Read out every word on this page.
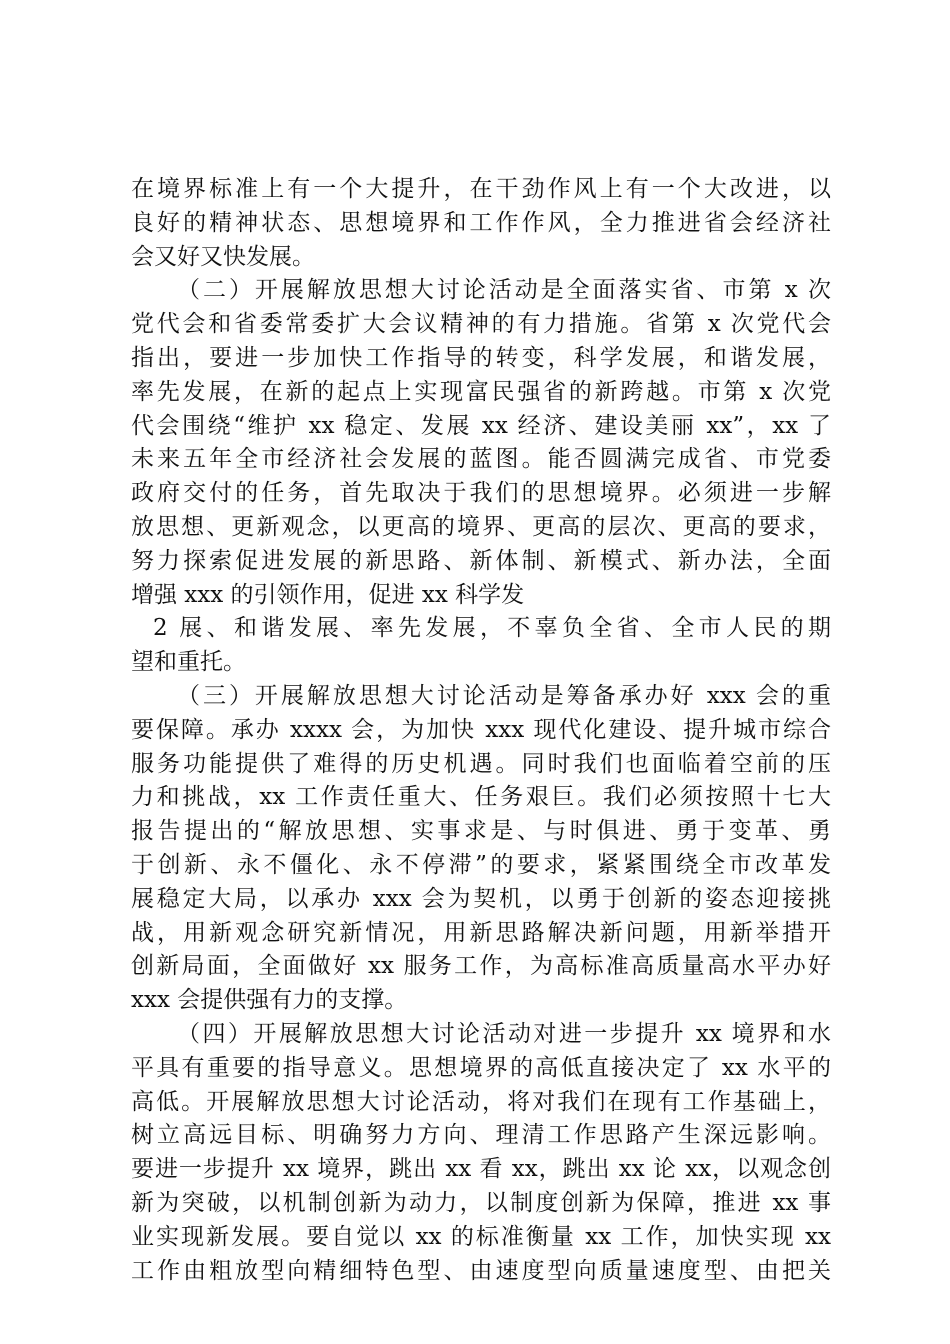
在境界标准上有一个大提升，在干劲作风上有一个大改进，以
良好的精神状态、思想境界和工作作风，全力推进省会经济社
会又好又快发展。
（二）开展解放思想大讨论活动是全面落实省、市第 x 次
党代会和省委常委扩大会议精神的有力措施。省第 x 次党代会
指出，要进一步加快工作指导的转变，科学发展，和谐发展，
率先发展，在新的起点上实现富民强省的新跨越。市第 x 次党
代会围绕“维护 xx 稳定、发展 xx 经济、建设美丽 xx”，xx 了
未来五年全市经济社会发展的蓝图。能否圆满完成省、市党委
政府交付的任务，首先取决于我们的思想境界。必须进一步解
放思想、更新观念，以更高的境界、更高的层次、更高的要求，
努力探索促进发展的新思路、新体制、新模式、新办法，全面
增强 xxx 的引领作用，促进 xx 科学发
2 展、和谐发展、率先发展，不辜负全省、全市人民的期
望和重托。
（三）开展解放思想大讨论活动是筹备承办好 xxx 会的重
要保障。承办 xxxx 会，为加快 xxx 现代化建设、提升城市综合
服务功能提供了难得的历史机遇。同时我们也面临着空前的压
力和挑战，xx 工作责任重大、任务艰巨。我们必须按照十七大
报告提出的“解放思想、实事求是、与时俱进、勇于变革、勇
于创新、永不僵化、永不停滞”的要求，紧紧围绕全市改革发
展稳定大局，以承办 xxx 会为契机，以勇于创新的姿态迎接挑
战，用新观念研究新情况，用新思路解决新问题，用新举措开
创新局面，全面做好 xx 服务工作，为高标准高质量高水平办好
xxx 会提供强有力的支撑。
（四）开展解放思想大讨论活动对进一步提升 xx 境界和水
平具有重要的指导意义。思想境界的高低直接决定了 xx 水平的
高低。开展解放思想大讨论活动，将对我们在现有工作基础上，
树立高远目标、明确努力方向、理清工作思路产生深远影响。
要进一步提升 xx 境界，跳出 xx 看 xx，跳出 xx 论 xx，以观念创
新为突破，以机制创新为动力，以制度创新为保障，推进 xx 事
业实现新发展。要自觉以 xx 的标准衡量 xx 工作，加快实现 xx
工作由粗放型向精细特色型、由速度型向质量速度型、由把关
